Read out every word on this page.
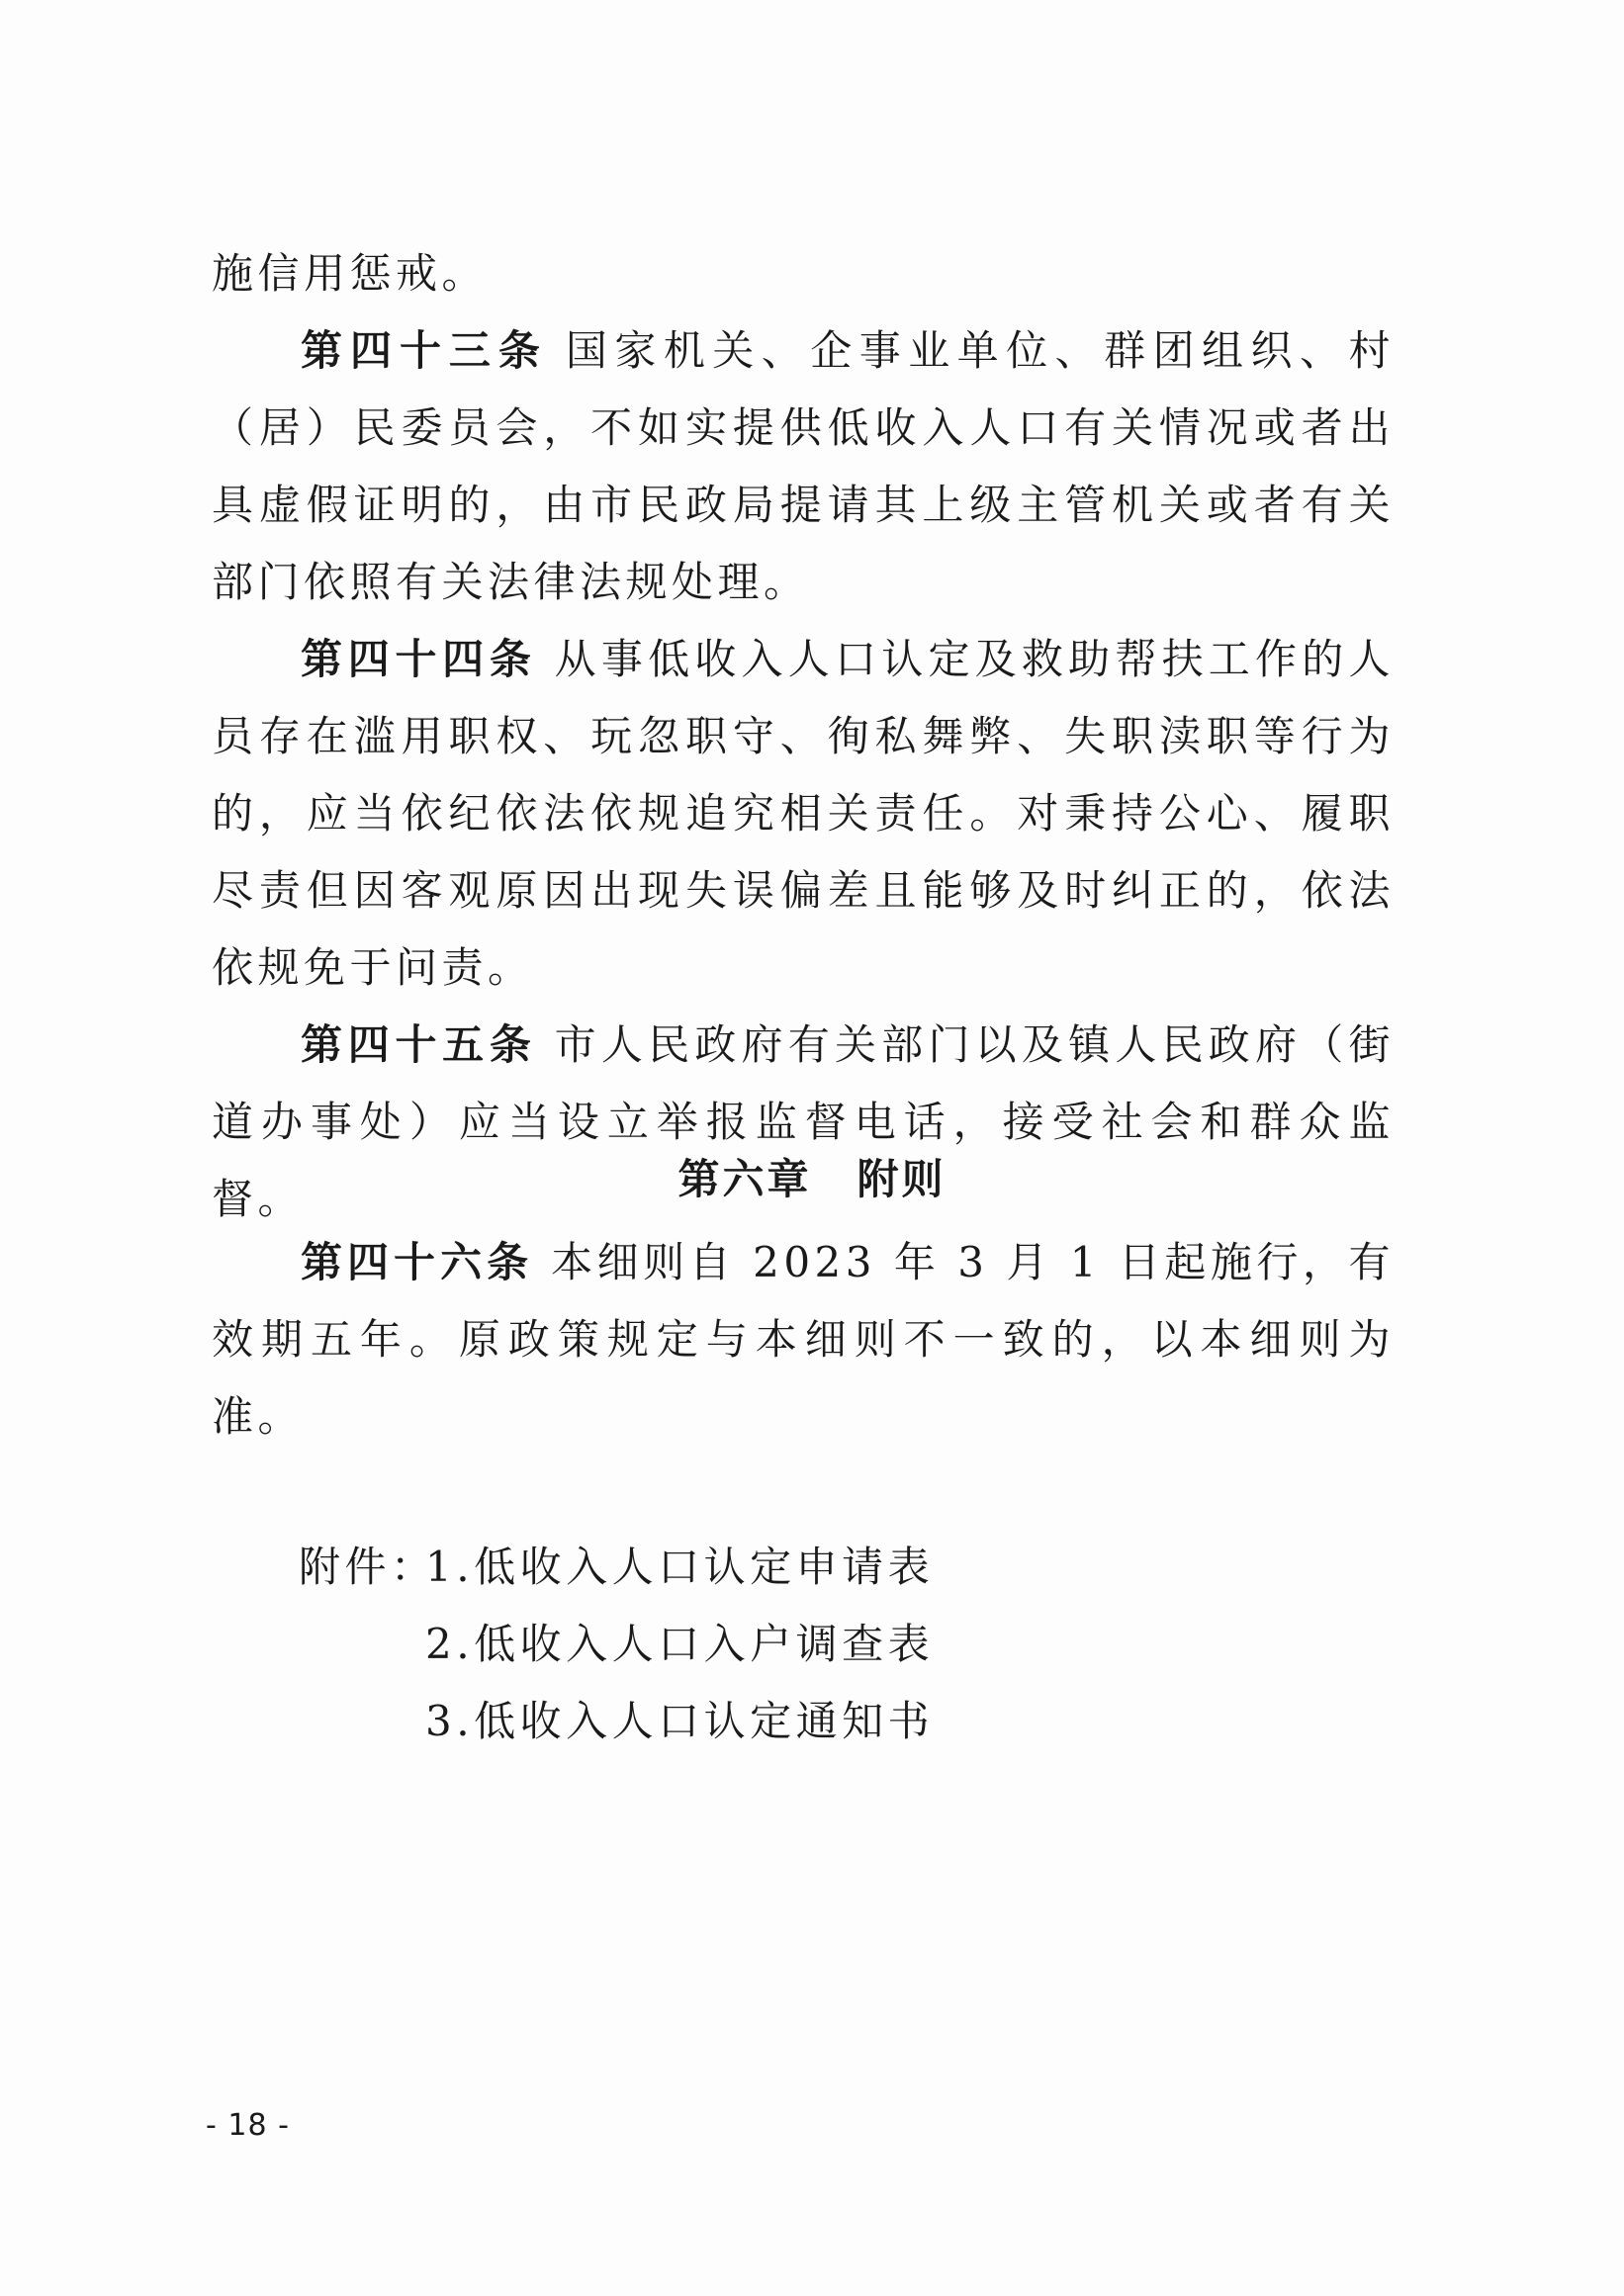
施信用惩戒。

第四十三条 国家机关、企事业单位、群团组织、村（居）民委员会，不如实提供低收入人口有关情况或者出具虚假证明的，由市民政局提请其上级主管机关或者有关部门依照有关法律法规处理。

第四十四条 从事低收入人口认定及救助帮扶工作的人员存在滥用职权、玩忽职守、徇私舞弊、失职渎职等行为的，应当依纪依法依规追究相关责任。对秉持公心、履职尽责但因客观原因出现失误偏差且能够及时纠正的，依法依规免于问责。

第四十五条 市人民政府有关部门以及镇人民政府（街道办事处）应当设立举报监督电话，接受社会和群众监督。	第六章 附则

第四十六条 本细则自 2023 年 3 月 1 日起施行，有效期五年。原政策规定与本细则不一致的，以本细则为准。

附件：
1.低收入人口认定申请表
2.低收入人口入户调查表
3.低收入人口认定通知书
- 18 -
